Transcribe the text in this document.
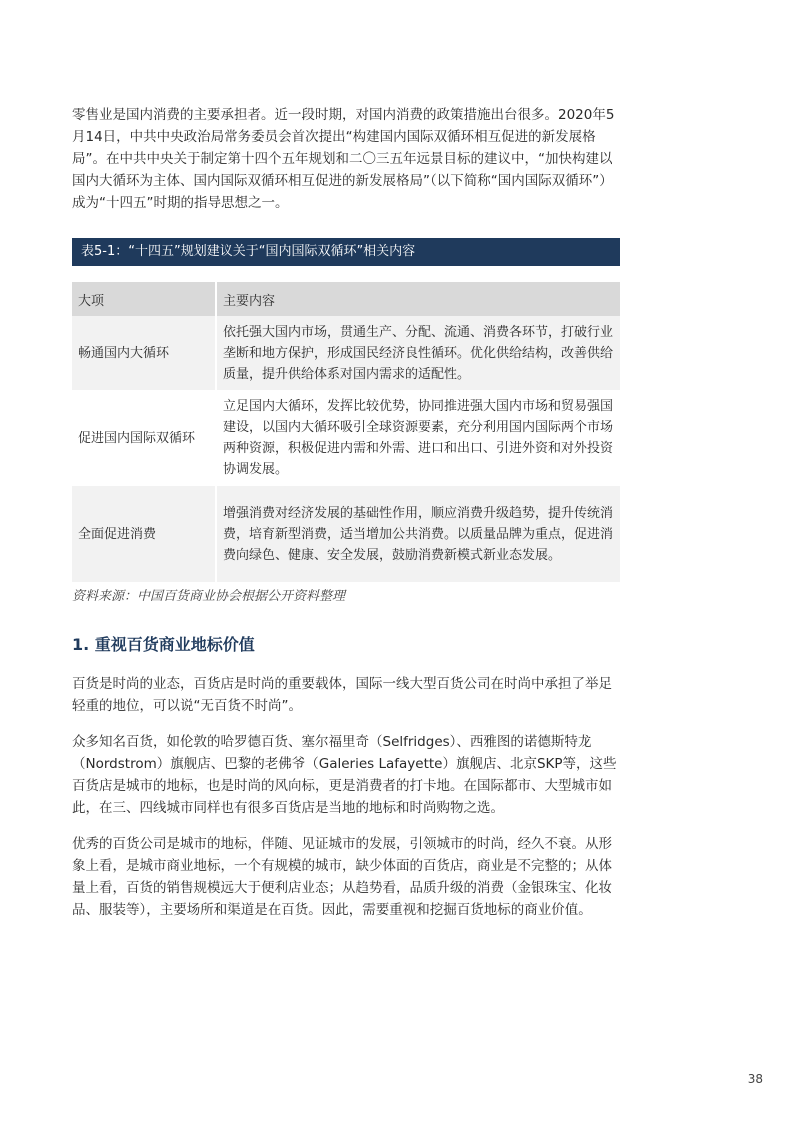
零售业是国内消费的主要承担者。近一段时期，对国内消费的政策措施出台很多。2020年5月14日，中共中央政治局常务委员会首次提出“构建国内国际双循环相互促进的新发展格局”。在中共中央关于制定第十四个五年规划和二〇三五年远景目标的建议中，“加快构建以国内大循环为主体、国内国际双循环相互促进的新发展格局”（以下简称“国内国际双循环”）成为“十四五”时期的指导思想之一。

表5-1：“十四五”规划建议关于“国内国际双循环”相关内容
大项	主要内容
畅通国内大循环	依托强大国内市场，贯通生产、分配、流通、消费各环节，打破行业垄断和地方保护，形成国民经济良性循环。优化供给结构，改善供给质量，提升供给体系对国内需求的适配性。
促进国内国际双循环	立足国内大循环，发挥比较优势，协同推进强大国内市场和贸易强国建设，以国内大循环吸引全球资源要素，充分利用国内国际两个市场两种资源，积极促进内需和外需、进口和出口、引进外资和对外投资协调发展。
全面促进消费	增强消费对经济发展的基础性作用，顺应消费升级趋势，提升传统消费，培育新型消费，适当增加公共消费。以质量品牌为重点，促进消费向绿色、健康、安全发展，鼓励消费新模式新业态发展。
资料来源：中国百货商业协会根据公开资料整理
1. 重视百货商业地标价值

百货是时尚的业态，百货店是时尚的重要载体，国际一线大型百货公司在时尚中承担了举足轻重的地位，可以说“无百货不时尚”。

众多知名百货，如伦敦的哈罗德百货、塞尔福里奇（Selfridges）、西雅图的诺德斯特龙（Nordstrom）旗舰店、巴黎的老佛爷（Galeries Lafayette）旗舰店、北京SKP等，这些百货店是城市的地标，也是时尚的风向标，更是消费者的打卡地。在国际都市、大型城市如此，在三、四线城市同样也有很多百货店是当地的地标和时尚购物之选。

优秀的百货公司是城市的地标，伴随、见证城市的发展，引领城市的时尚，经久不衰。从形象上看，是城市商业地标，一个有规模的城市，缺少体面的百货店，商业是不完整的；从体量上看，百货的销售规模远大于便利店业态；从趋势看，品质升级的消费（金银珠宝、化妆品、服装等），主要场所和渠道是在百货。因此，需要重视和挖掘百货地标的商业价值。

38
